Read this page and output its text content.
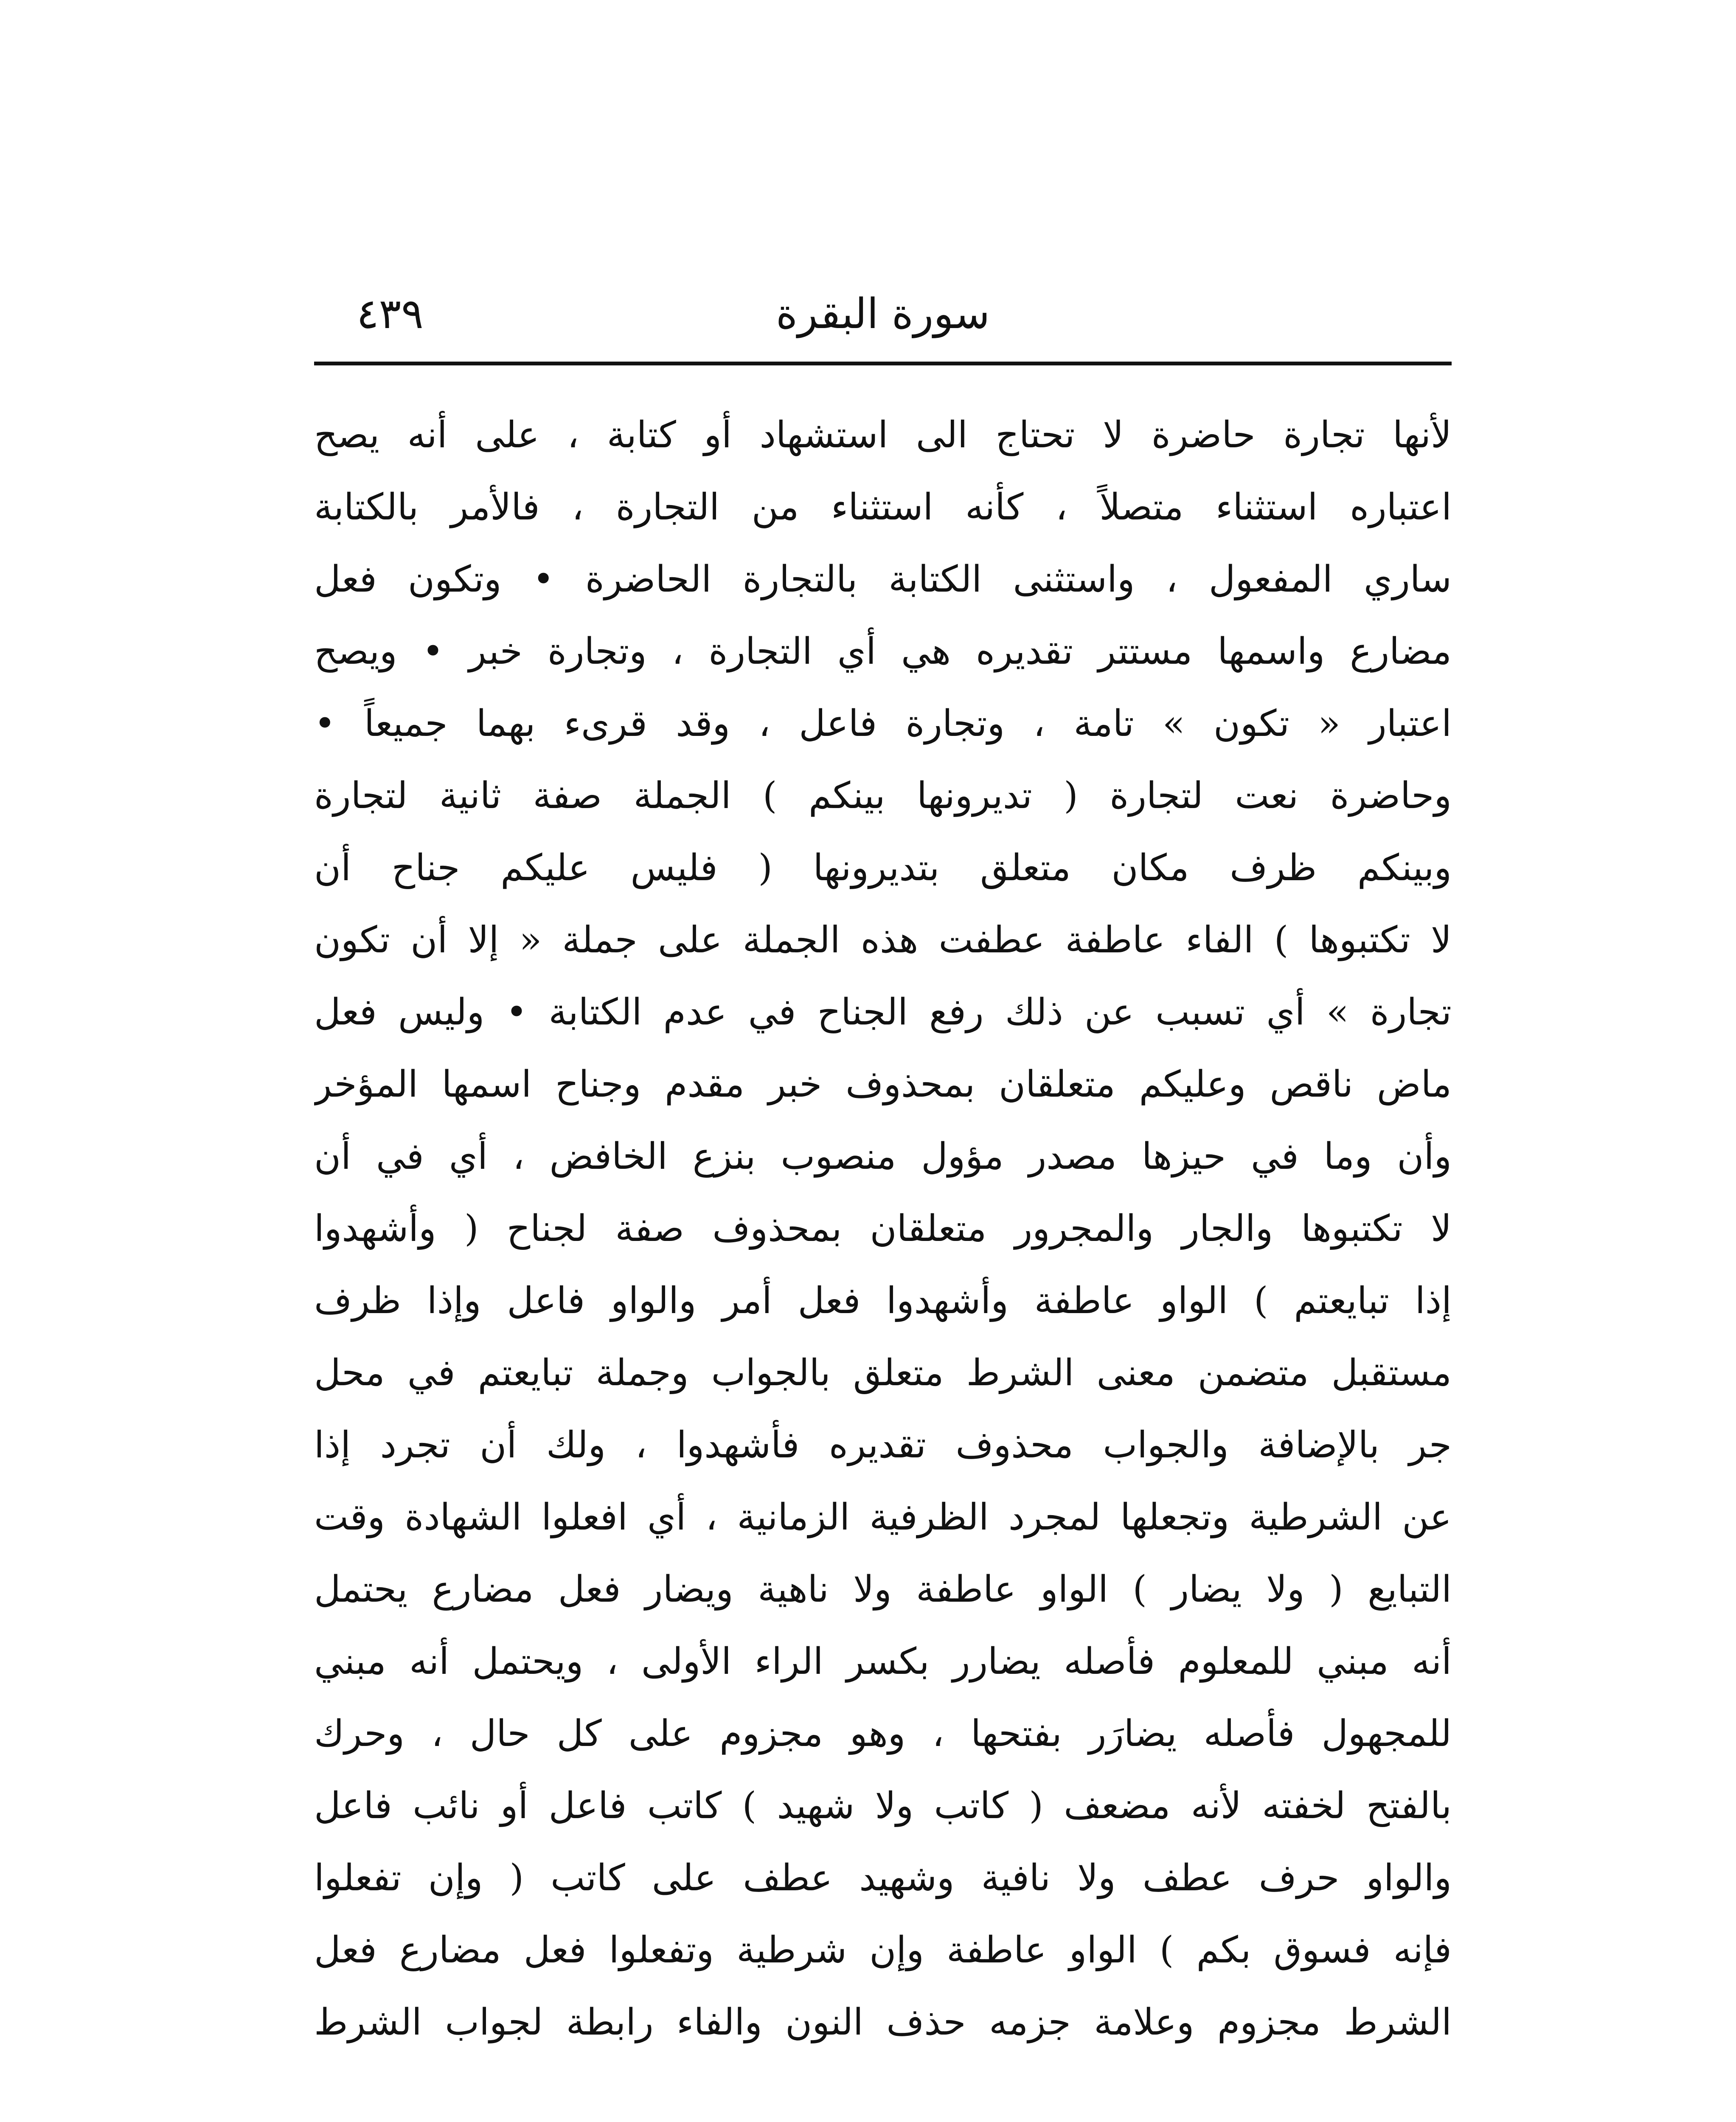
سورة البقرة
٤٣٩
لأنها تجارة حاضرة لا تحتاج الى استشهاد أو كتابة ، على أنه يصح
اعتباره استثناء متصلاً ، كأنه استثناء من التجارة ، فالأمر بالكتابة
ساري المفعول ، واستثنى الكتابة بالتجارة الحاضرة • وتكون فعل
مضارع واسمها مستتر تقديره هي أي التجارة ، وتجارة خبر • ويصح
اعتبار « تكون » تامة ، وتجارة فاعل ، وقد قرىء بهما جميعاً •
وحاضرة نعت لتجارة ( تديرونها بينكم ) الجملة صفة ثانية لتجارة
وبينكم ظرف مكان متعلق بتديرونها ( فليس عليكم جناح أن
لا تكتبوها ) الفاء عاطفة عطفت هذه الجملة على جملة « إلا أن تكون
تجارة » أي تسبب عن ذلك رفع الجناح في عدم الكتابة • وليس فعل
ماض ناقص وعليكم متعلقان بمحذوف خبر مقدم وجناح اسمها المؤخر
وأن وما في حيزها مصدر مؤول منصوب بنزع الخافض ، أي في أن
لا تكتبوها والجار والمجرور متعلقان بمحذوف صفة لجناح ( وأشهدوا
إذا تبايعتم ) الواو عاطفة وأشهدوا فعل أمر والواو فاعل وإذا ظرف
مستقبل متضمن معنى الشرط متعلق بالجواب وجملة تبايعتم في محل
جر بالإضافة والجواب محذوف تقديره فأشهدوا ، ولك أن تجرد إذا
عن الشرطية وتجعلها لمجرد الظرفية الزمانية ، أي افعلوا الشهادة وقت
التبايع ( ولا يضار ) الواو عاطفة ولا ناهية ويضار فعل مضارع يحتمل
أنه مبني للمعلوم فأصله يضارر بكسر الراء الأولى ، ويحتمل أنه مبني
للمجهول فأصله يضارَر بفتحها ، وهو مجزوم على كل حال ، وحرك
بالفتح لخفته لأنه مضعف ( كاتب ولا شهيد ) كاتب فاعل أو نائب فاعل
والواو حرف عطف ولا نافية وشهيد عطف على كاتب ( وإن تفعلوا
فإنه فسوق بكم ) الواو عاطفة وإن شرطية وتفعلوا فعل مضارع فعل
الشرط مجزوم وعلامة جزمه حذف النون والفاء رابطة لجواب الشرط
